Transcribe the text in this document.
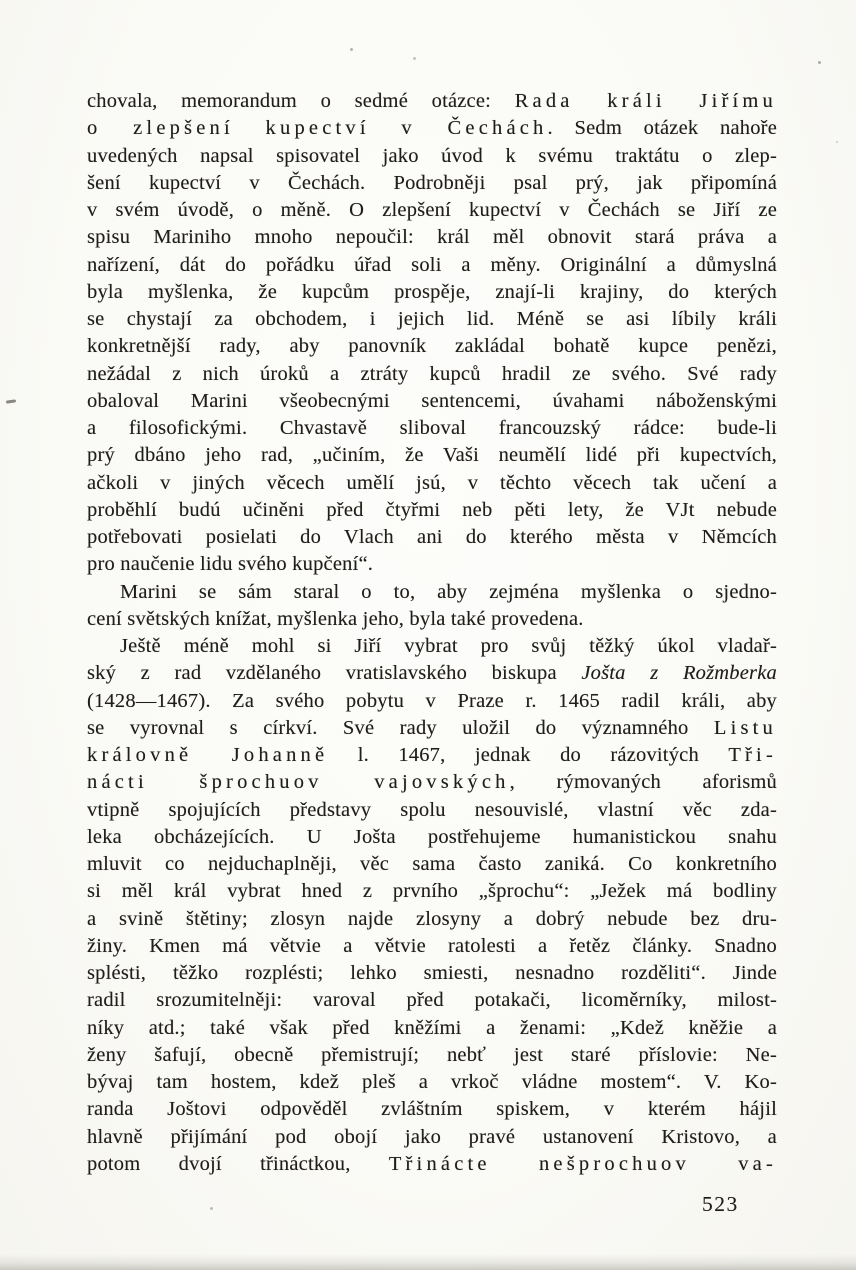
chovala, memorandum o sedmé otázce: Rada králi Jiřímu
o zlepšení kupectví v Čechách. Sedm otázek nahoře
uvedených napsal spisovatel jako úvod k svému traktátu o zlep-
šení kupectví v Čechách. Podrobněji psal prý, jak připomíná
v svém úvodě, o měně. O zlepšení kupectví v Čechách se Jiří ze
spisu Mariniho mnoho nepoučil: král měl obnovit stará práva a
nařízení, dát do pořádku úřad soli a měny. Originální a důmyslná
byla myšlenka, že kupcům prospěje, znají-li krajiny, do kterých
se chystají za obchodem, i jejich lid. Méně se asi líbily králi
konkretnější rady, aby panovník zakládal bohatě kupce penězi,
nežádal z nich úroků a ztráty kupců hradil ze svého. Své rady
obaloval Marini všeobecnými sentencemi, úvahami náboženskými
a filosofickými. Chvastavě sliboval francouzský rádce: bude-li
prý dbáno jeho rad, „učiním, že Vaši neumělí lidé při kupectvích,
ačkoli v jiných věcech umělí jsú, v těchto věcech tak učení a
proběhlí budú učiněni před čtyřmi neb pěti lety, že VJt nebude
potřebovati posielati do Vlach ani do kterého města v Němcích
pro naučenie lidu svého kupčení“.
Marini se sám staral o to, aby zejména myšlenka o sjedno-
cení světských knížat, myšlenka jeho, byla také provedena.
Ještě méně mohl si Jiří vybrat pro svůj těžký úkol vladař-
ský z rad vzdělaného vratislavského biskupa Jošta z Rožmberka
(1428—1467). Za svého pobytu v Praze r. 1465 radil králi, aby
se vyrovnal s církví. Své rady uložil do významného Listu
královně Johanně l. 1467, jednak do rázovitých Tři-
nácti šprochuov vajovských, rýmovaných aforismů
vtipně spojujících představy spolu nesouvislé, vlastní věc zda-
leka obcházejících. U Jošta postřehujeme humanistickou snahu
mluvit co nejduchaplněji, věc sama často zaniká. Co konkretního
si měl král vybrat hned z prvního „šprochu“: „Ježek má bodliny
a svině štětiny; zlosyn najde zlosyny a dobrý nebude bez dru-
žiny. Kmen má větvie a větvie ratolesti a řetěz články. Snadno
splésti, těžko rozplésti; lehko smiesti, nesnadno rozděliti“. Jinde
radil srozumitelněji: varoval před potakači, licoměrníky, milost-
níky atd.; také však před kněžími a ženami: „Kdež kněžie a
ženy šafují, obecně přemistrují; nebť jest staré příslovie: Ne-
bývaj tam hostem, kdež pleš a vrkoč vládne mostem“. V. Ko-
randa Joštovi odpověděl zvláštním spiskem, v kterém hájil
hlavně přijímání pod obojí jako pravé ustanovení Kristovo, a
potom dvojí třináctkou, Třinácte nešprochuov va-
523
